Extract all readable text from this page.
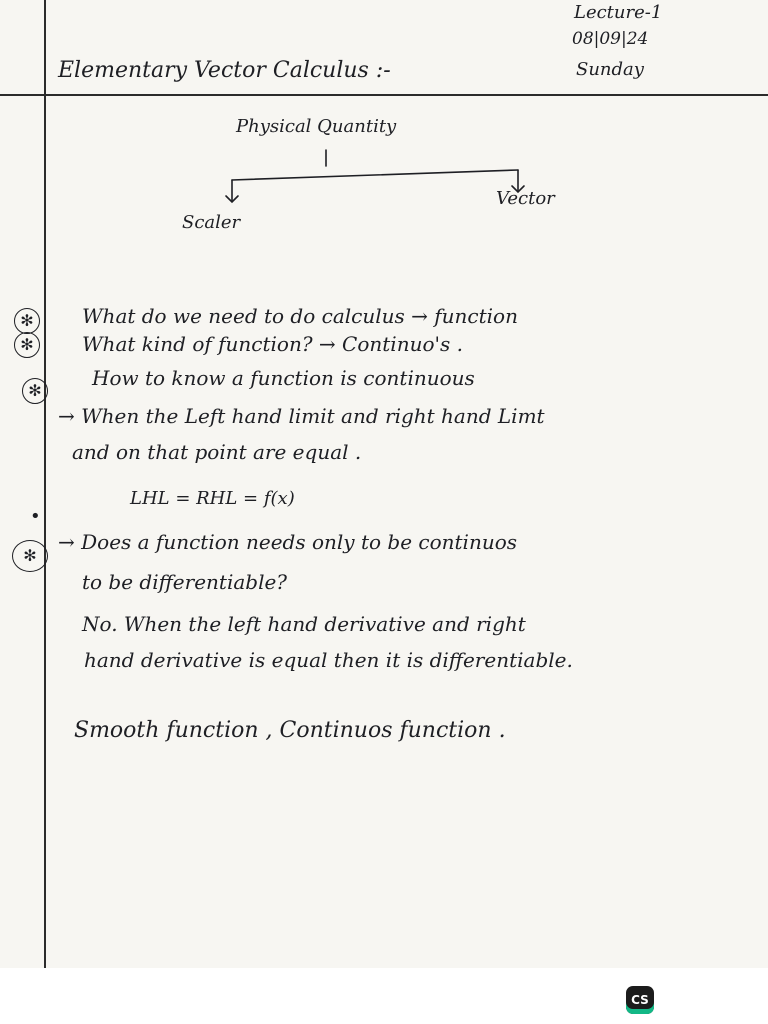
Lecture-1
08|09|24
Sunday
Elementary Vector Calculus :-
Physical Quantity
Scaler
Vector
✻
✻
✻
•
✻
What do we need to do calculus → function
What kind of function? → Continuo's .
How to know a function is continuous
→ When the Left hand limit and right hand Limt
and on that point are equal .
LHL = RHL = f(x)
→ Does a function needs only to be continuos
to be differentiable?
No. When the left hand derivative and right
hand derivative is equal then it is differentiable.
Smooth function , Continuos function .
CS
